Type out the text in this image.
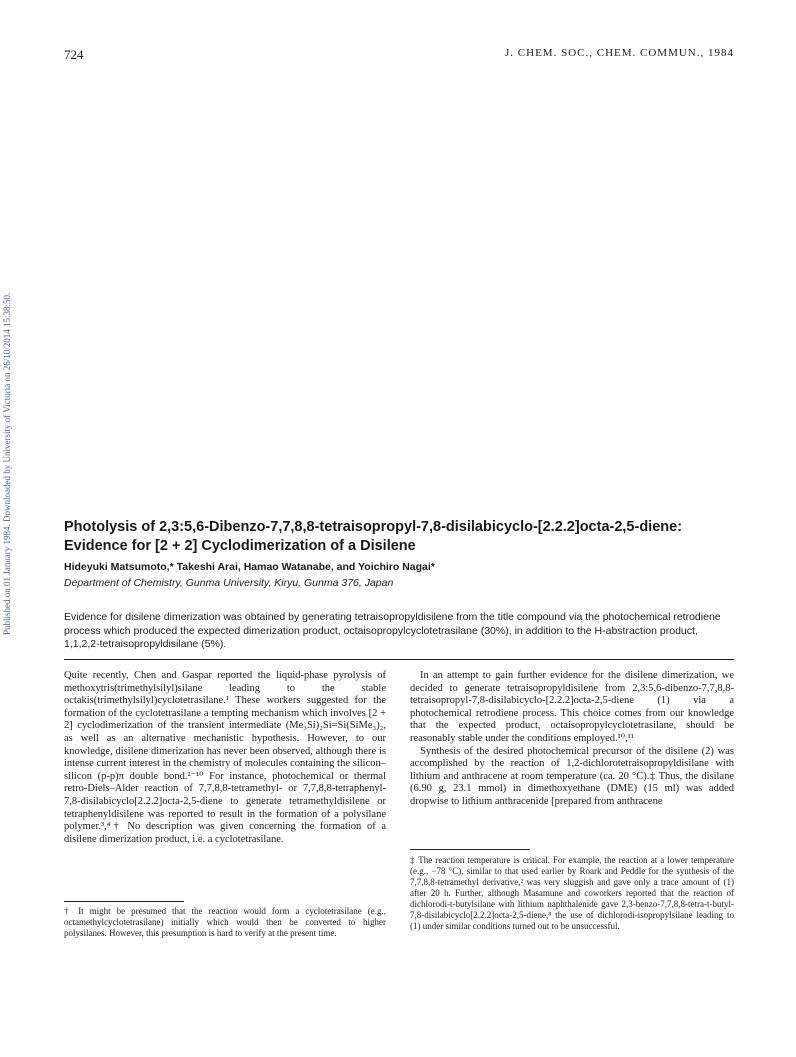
724	J. CHEM. SOC., CHEM. COMMUN., 1984
Published on 01 January 1984. Downloaded by University of Victoria on 26/10/2014 15:38:50.	Photolysis of 2,3:5,6-Dibenzo-7,7,8,8-tetraisopropyl-7,8-disilabicyclo-[2.2.2]octa-2,5-diene: Evidence for [2 + 2] Cyclodimerization of a Disilene
Hideyuki Matsumoto,* Takeshi Arai, Hamao Watanabe, and Yoichiro Nagai*
Department of Chemistry, Gunma University, Kiryu, Gunma 376, Japan
Evidence for disilene dimerization was obtained by generating tetraisopropyldisilene from the title compound via the photochemical retrodiene process which produced the expected dimerization product, octaisopropylcyclotetrasilane (30%), in addition to the H-abstraction product, 1,1,2,2-tetraisopropyldisilane (5%).

Quite recently, Chen and Gaspar reported the liquid-phase pyrolysis of methoxytris(trimethylsilyl)silane leading to the stable octakis(trimethylsilyl)cyclotetrasilane.¹ These workers suggested for the formation of the cyclotetrasilane a tempting mechanism which involves [2 + 2] cyclodimerization of the transient intermediate (Me₃Si)₂Si=Si(SiMe₃)₂, as well as an alternative mechanistic hypothesis. However, to our knowledge, disilene dimerization has never been observed, although there is intense current interest in the chemistry of molecules containing the silicon–silicon (p-p)π double bond.²⁻¹⁰ For instance, photochemical or thermal retro-Diels–Alder reaction of 7,7,8,8-tetramethyl- or 7,7,8,8-tetraphenyl-7,8-disilabicyclo[2.2.2]octa-2,5-diene to generate tetramethyldisilene or tetraphenyldisilene was reported to result in the formation of a polysilane polymer.³,⁴† No description was given concerning the formation of a disilene dimerization product, i.e. a cyclotetrasilane.

† It might be presumed that the reaction would form a cyclotetrasilane (e.g., octamethylcyclotetrasilane) initially which would then be converted to higher polysilanes. However, this presumption is hard to verify at the present time.

In an attempt to gain further evidence for the disilene dimerization, we decided to generate tetraisopropyldisilene from 2,3:5,6-dibenzo-7,7,8,8-tetraisopropyl-7,8-disilabicyclo-[2.2.2]octa-2,5-diene (1) via a photochemical retrodiene process. This choice comes from our knowledge that the expected product, octaisopropylcyclotetrasilane, should be reasonably stable under the conditions employed.¹⁰,¹¹

Synthesis of the desired photochemical precursor of the disilene (2) was accomplished by the reaction of 1,2-dichlorotetraisopropyldisilane with lithium and anthracene at room temperature (ca. 20 °C).‡ Thus, the disilane (6.90 g, 23.1 mmol) in dimethoxyethane (DME) (15 ml) was added dropwise to lithium anthracenide [prepared from anthracene

‡ The reaction temperature is critical. For example, the reaction at a lower temperature (e.g., −78 °C), similar to that used earlier by Roark and Peddle for the synthesis of the 7,7,8,8-tetramethyl derivative,² was very sluggish and gave only a trace amount of (1) after 20 h. Further, although Masamune and coworkers reported that the reaction of dichlorodi-t-butylsilane with lithium naphthalenide gave 2,3-benzo-7,7,8,8-tetra-t-butyl-7,8-disilabicyclo[2.2.2]octa-2,5-diene,⁸ the use of dichlorodi-isopropylsilane leading to (1) under similar conditions turned out to be unsuccessful.
